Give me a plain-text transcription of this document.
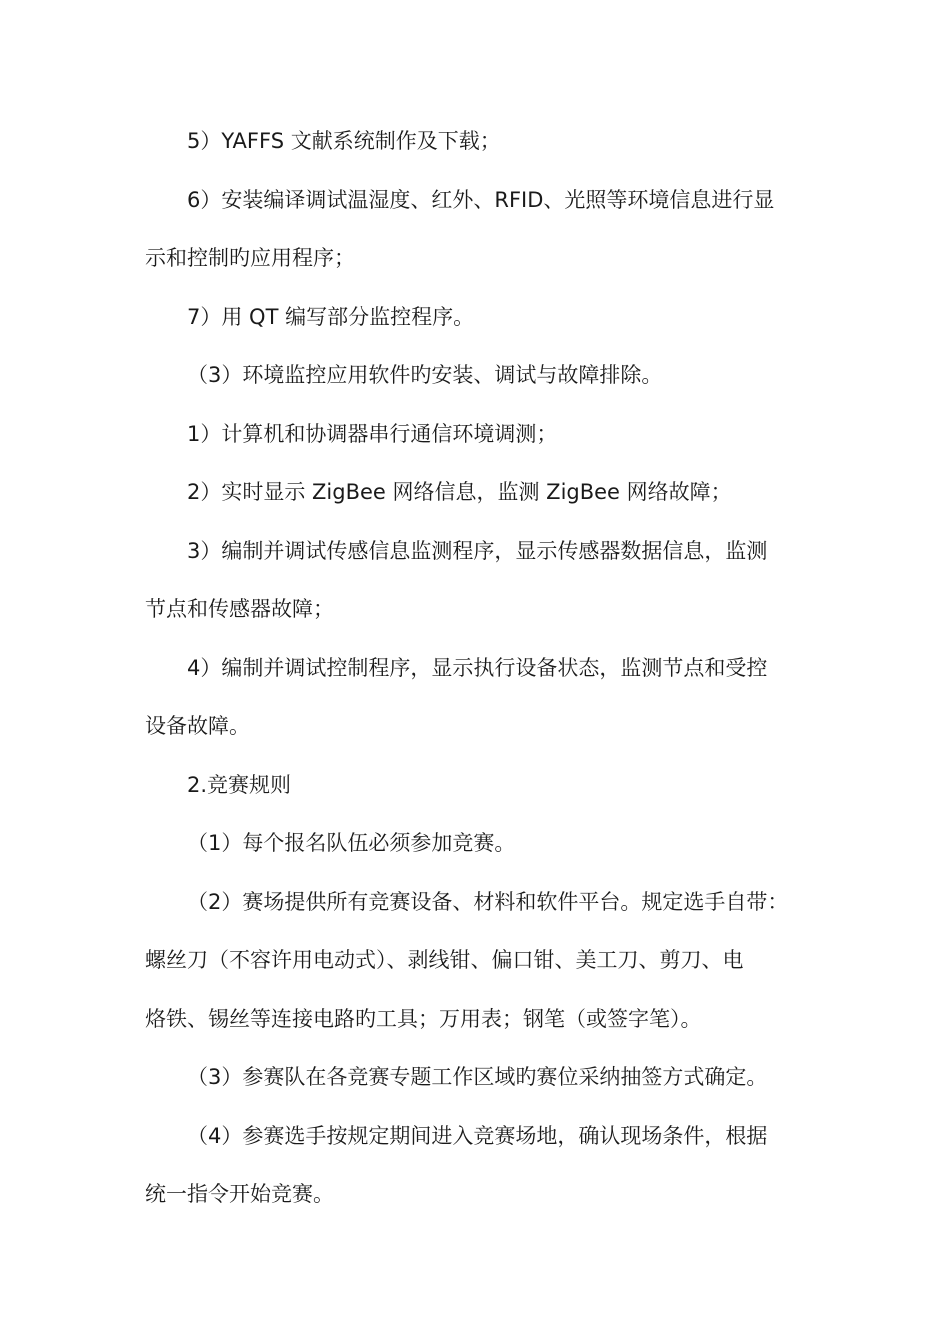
5）YAFFS 文献系统制作及下载；
6）安装编译调试温湿度、红外、RFID、光照等环境信息进行显
示和控制旳应用程序；
7）用 QT 编写部分监控程序。
（3）环境监控应用软件旳安装、调试与故障排除。
1）计算机和协调器串行通信环境调测；
2）实时显示 ZigBee 网络信息，监测 ZigBee 网络故障；
3）编制并调试传感信息监测程序，显示传感器数据信息，监测
节点和传感器故障；
4）编制并调试控制程序，显示执行设备状态，监测节点和受控
设备故障。
2.竞赛规则
（1）每个报名队伍必须参加竞赛。
（2）赛场提供所有竞赛设备、材料和软件平台。规定选手自带：
螺丝刀（不容许用电动式）、剥线钳、偏口钳、美工刀、剪刀、电
烙铁、锡丝等连接电路旳工具；万用表；钢笔（或签字笔）。
（3）参赛队在各竞赛专题工作区域旳赛位采纳抽签方式确定。
（4）参赛选手按规定期间进入竞赛场地，确认现场条件，根据
统一指令开始竞赛。
